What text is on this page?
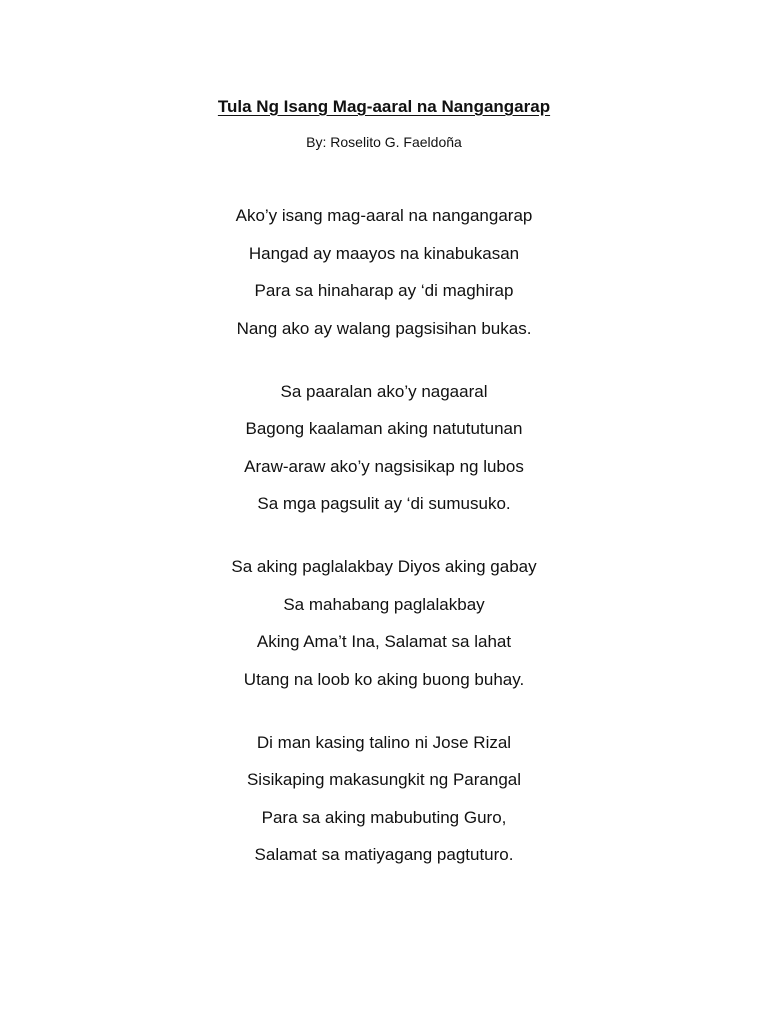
Tula Ng Isang Mag-aaral na Nangangarap

By: Roselito G. Faeldoña

Ako’y isang mag-aaral na nangangarap
Hangad ay maayos na kinabukasan
Para sa hinaharap ay ‘di maghirap
Nang ako ay walang pagsisihan bukas.
Sa paaralan ako’y nagaaral
Bagong kaalaman aking natututunan
Araw-araw ako’y nagsisikap ng lubos
Sa mga pagsulit ay ‘di sumusuko.
Sa aking paglalakbay Diyos aking gabay
Sa mahabang paglalakbay
Aking Ama’t Ina, Salamat sa lahat
Utang na loob ko aking buong buhay.
Di man kasing talino ni Jose Rizal
Sisikaping makasungkit ng Parangal
Para sa aking mabubuting Guro,
Salamat sa matiyagang pagtuturo.
